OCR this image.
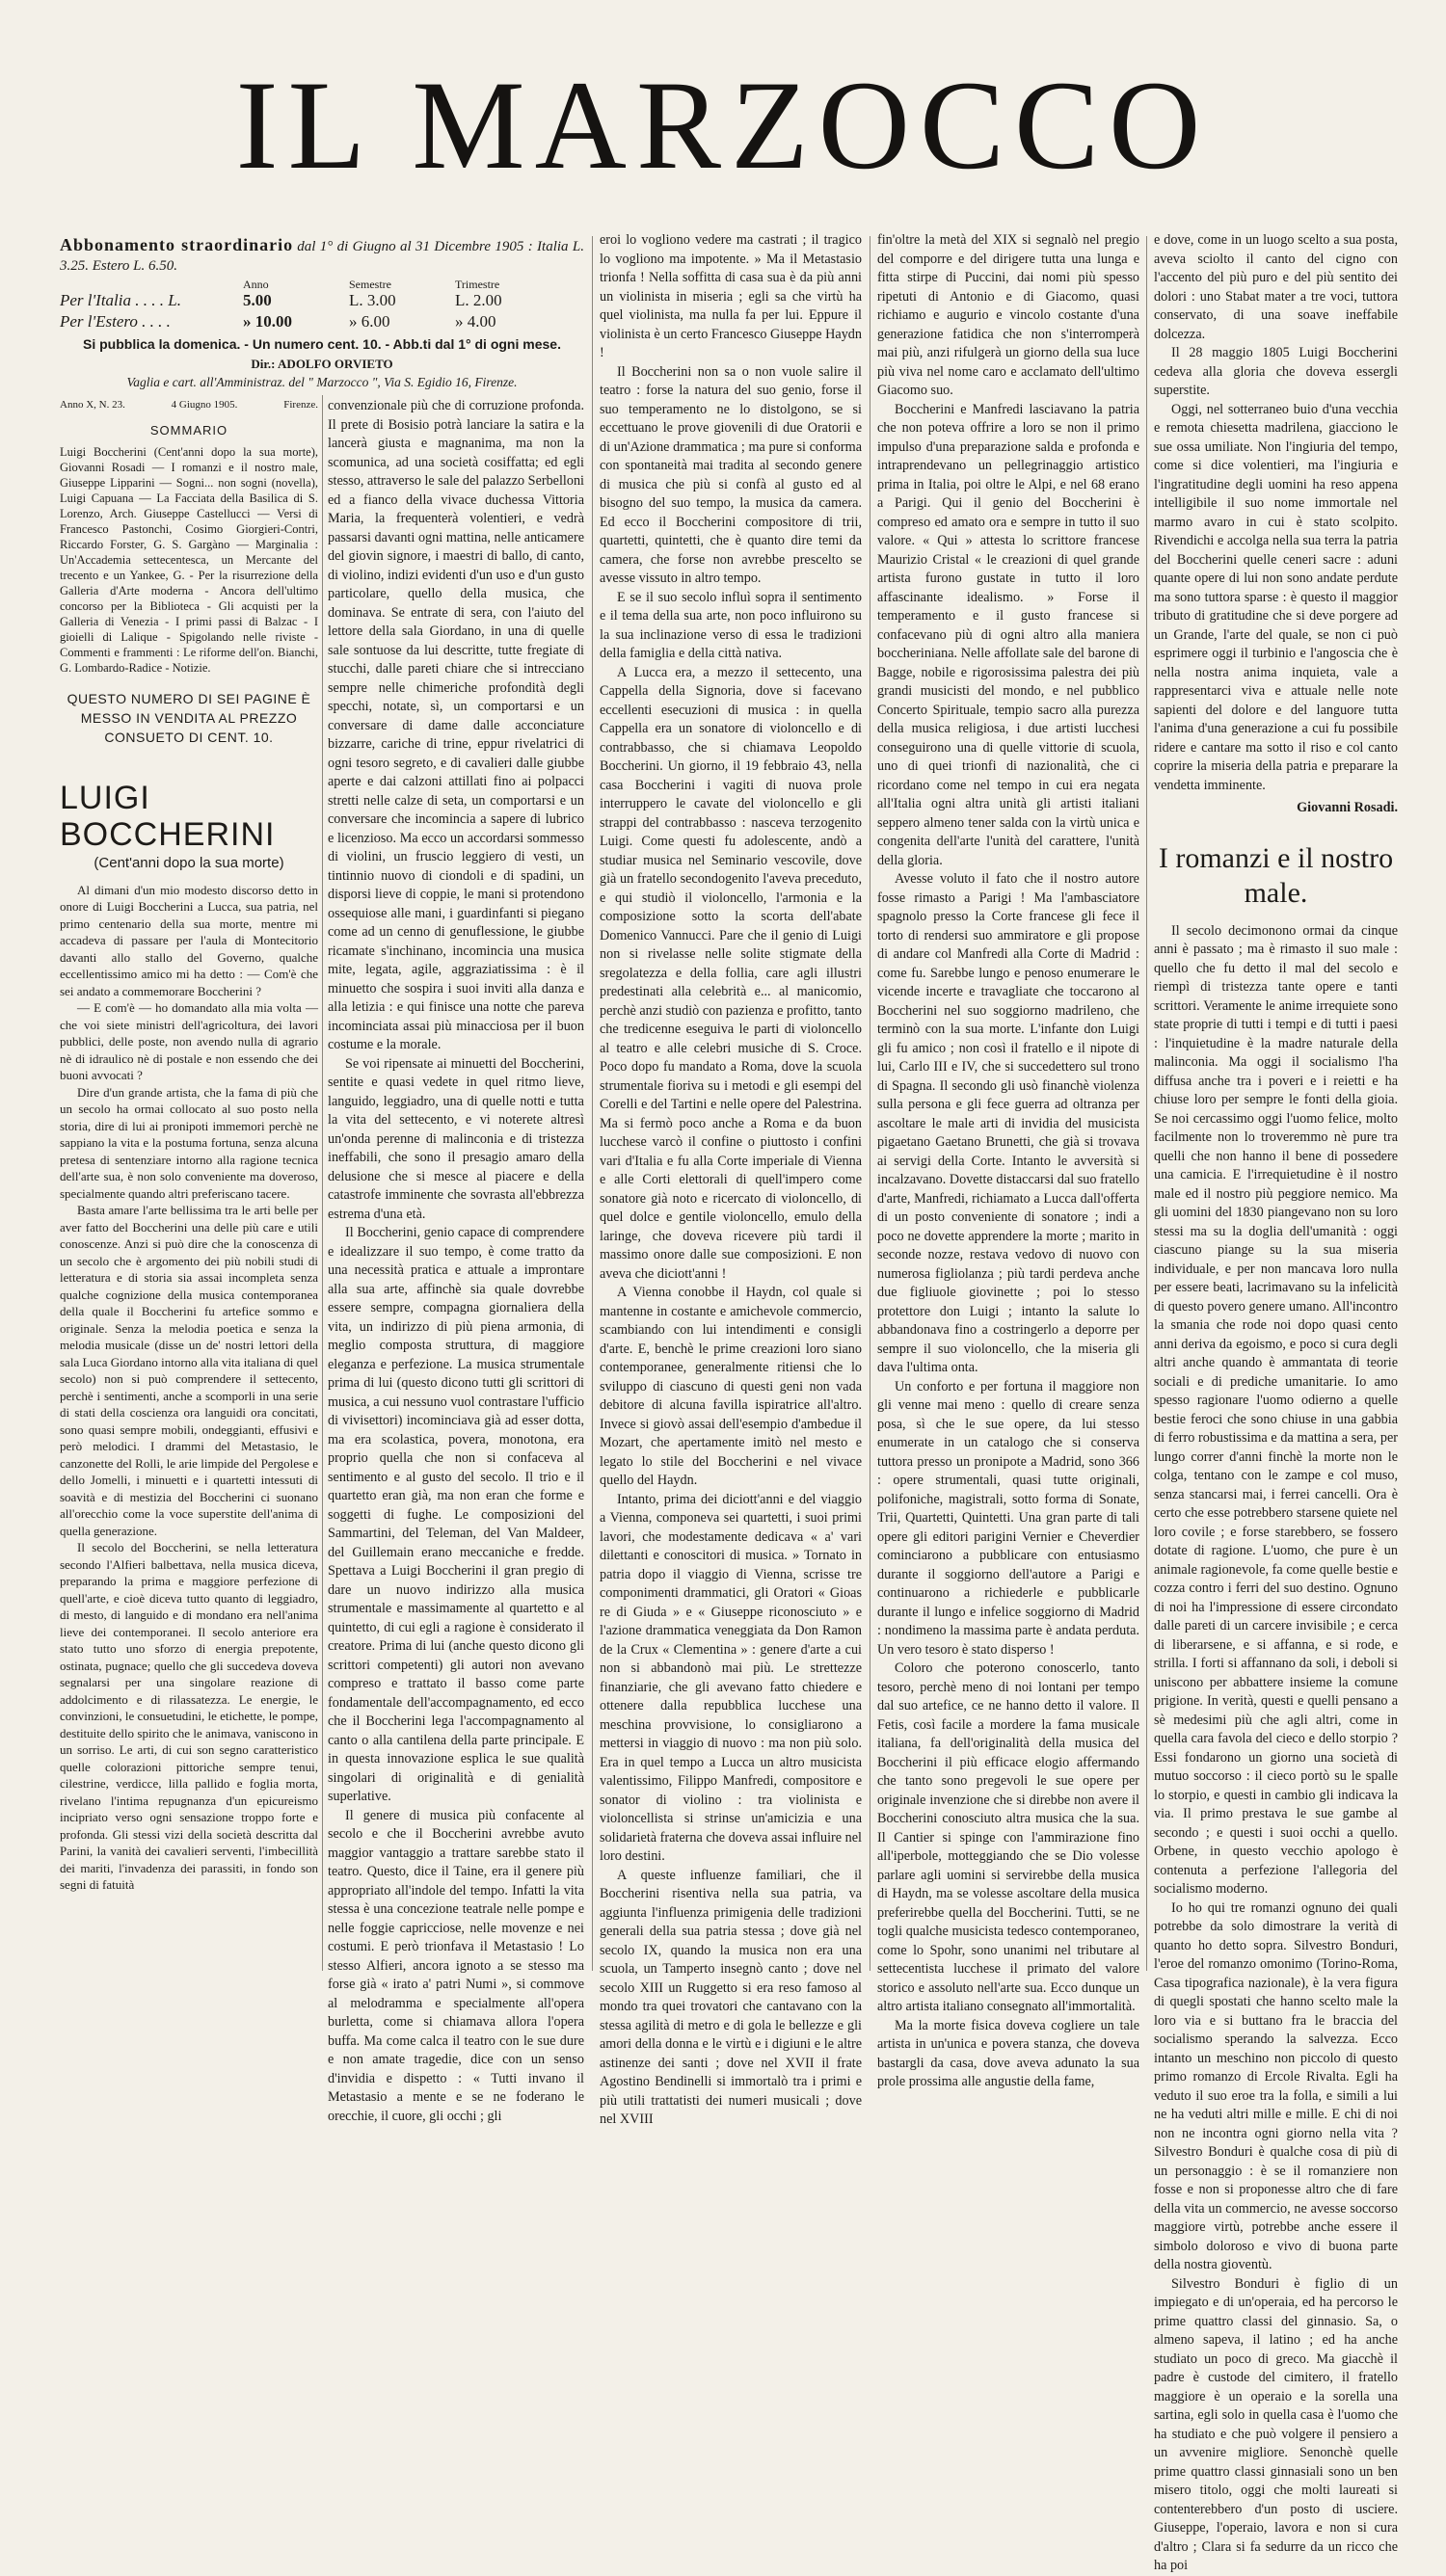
IL MARZOCCO
Abbonamento straordinario dal 1° di Giugno al 31 Dicembre 1905 : Italia L. 3.25. Estero L. 6.50.
Anno	Semestre	Trimestre
Per l'Italia . . . . L.	5.00	L. 3.00	L. 2.00
Per l'Estero . . . .	» 10.00	» 6.00	» 4.00
Si pubblica la domenica. - Un numero cent. 10. - Abb.ti dal 1° di ogni mese.
Dir.: ADOLFO ORVIETO
Vaglia e cart. all'Amministraz. del " Marzocco ", Via S. Egidio 16, Firenze.
Anno X, N. 23.	4 Giugno 1905.	Firenze.
SOMMARIO

Luigi Boccherini (Cent'anni dopo la sua morte), Giovanni Rosadi — I romanzi e il nostro male, Giuseppe Lipparini — Sogni... non sogni (novella), Luigi Capuana — La Facciata della Basilica di S. Lorenzo, Arch. Giuseppe Castellucci — Versi di Francesco Pastonchi, Cosimo Giorgieri-Contri, Riccardo Forster, G. S. Gargàno — Marginalia : Un'Accademia settecentesca, un Mercante del trecento e un Yankee, G. - Per la risurrezione della Galleria d'Arte moderna - Ancora dell'ultimo concorso per la Biblioteca - Gli acquisti per la Galleria di Venezia - I primi passi di Balzac - I gioielli di Lalique - Spigolando nelle riviste - Commenti e frammenti : Le riforme dell'on. Bianchi, G. Lombardo-Radice - Notizie.

QUESTO NUMERO DI SEI PAGINE È MESSO IN VENDITA AL PREZZO CONSUETO DI CENT. 10.
LUIGI BOCCHERINI
(Cent'anni dopo la sua morte)

Al dimani d'un mio modesto discorso detto in onore di Luigi Boccherini a Lucca, sua patria, nel primo centenario della sua morte, mentre mi accadeva di passare per l'aula di Montecitorio davanti allo stallo del Governo, qualche eccellentissimo amico mi ha detto : — Com'è che sei andato a commemorare Boccherini ?

— E com'è — ho domandato alla mia volta — che voi siete ministri dell'agricoltura, dei lavori pubblici, delle poste, non avendo nulla di agrario nè di idraulico nè di postale e non essendo che dei buoni avvocati ?

Dire d'un grande artista, che la fama di più che un secolo ha ormai collocato al suo posto nella storia, dire di lui ai pronipoti immemori perchè ne sappiano la vita e la postuma fortuna, senza alcuna pretesa di sentenziare intorno alla ragione tecnica dell'arte sua, è non solo conveniente ma doveroso, specialmente quando altri preferiscano tacere.

Basta amare l'arte bellissima tra le arti belle per aver fatto del Boccherini una delle più care e utili conoscenze. Anzi si può dire che la conoscenza di un secolo che è argomento dei più nobili studi di letteratura e di storia sia assai incompleta senza qualche cognizione della musica contemporanea della quale il Boccherini fu artefice sommo e originale. Senza la melodia poetica e senza la melodia musicale (disse un de' nostri lettori della sala Luca Giordano intorno alla vita italiana di quel secolo) non si può comprendere il settecento, perchè i sentimenti, anche a scomporli in una serie di stati della coscienza ora languidi ora concitati, sono quasi sempre mobili, ondeggianti, effusivi e però melodici. I drammi del Metastasio, le canzonette del Rolli, le arie limpide del Pergolese e dello Jomelli, i minuetti e i quartetti intessuti di soavità e di mestizia del Boccherini ci suonano all'orecchio come la voce superstite dell'anima di quella generazione.

Il secolo del Boccherini, se nella letteratura secondo l'Alfieri balbettava, nella musica diceva, preparando la prima e maggiore perfezione di quell'arte, e cioè diceva tutto quanto di leggiadro, di mesto, di languido e di mondano era nell'anima lieve dei contemporanei. Il secolo anteriore era stato tutto uno sforzo di energia prepotente, ostinata, pugnace; quello che gli succedeva doveva segnalarsi per una singolare reazione di addolcimento e di rilassatezza. Le energie, le convinzioni, le consuetudini, le etichette, le pompe, destituite dello spirito che le animava, vaniscono in un sorriso. Le arti, di cui son segno caratteristico quelle colorazioni pittoriche sempre tenui, cilestrine, verdicce, lilla pallido e foglia morta, rivelano l'intima repugnanza d'un epicureismo incipriato verso ogni sensazione troppo forte e profonda. Gli stessi vizi della società descritta dal Parini, la vanità dei cavalieri serventi, l'imbecillità dei mariti, l'invadenza dei parassiti, in fondo son segni di fatuità

convenzionale più che di corruzione profonda. Il prete di Bosisio potrà lanciare la satira e la lancerà giusta e magnanima, ma non la scomunica, ad una società cosiffatta; ed egli stesso, attraverso le sale del palazzo Serbelloni ed a fianco della vivace duchessa Vittoria Maria, la frequenterà volentieri, e vedrà passarsi davanti ogni mattina, nelle anticamere del giovin signore, i maestri di ballo, di canto, di violino, indizi evidenti d'un uso e d'un gusto particolare, quello della musica, che dominava. Se entrate di sera, con l'aiuto del lettore della sala Giordano, in una di quelle sale sontuose da lui descritte, tutte fregiate di stucchi, dalle pareti chiare che si intrecciano sempre nelle chimeriche profondità degli specchi, notate, sì, un comportarsi e un conversare di dame dalle acconciature bizzarre, cariche di trine, eppur rivelatrici di ogni tesoro segreto, e di cavalieri dalle giubbe aperte e dai calzoni attillati fino ai polpacci stretti nelle calze di seta, un comportarsi e un conversare che incomincia a sapere di lubrico e licenzioso. Ma ecco un accordarsi sommesso di violini, un fruscio leggiero di vesti, un tintinnio nuovo di ciondoli e di spadini, un disporsi lieve di coppie, le mani si protendono ossequiose alle mani, i guardinfanti si piegano come ad un cenno di genuflessione, le giubbe ricamate s'inchinano, incomincia una musica mite, legata, agile, aggraziatissima : è il minuetto che sospira i suoi inviti alla danza e alla letizia : e qui finisce una notte che pareva incominciata assai più minacciosa per il buon costume e la morale.

Se voi ripensate ai minuetti del Boccherini, sentite e quasi vedete in quel ritmo lieve, languido, leggiadro, una di quelle notti e tutta la vita del settecento, e vi noterete altresì un'onda perenne di malinconia e di tristezza ineffabili, che sono il presagio amaro della delusione che si mesce al piacere e della catastrofe imminente che sovrasta all'ebbrezza estrema d'una età.

Il Boccherini, genio capace di comprendere e idealizzare il suo tempo, è come tratto da una necessità pratica e attuale a improntare alla sua arte, affinchè sia quale dovrebbe essere sempre, compagna giornaliera della vita, un indirizzo di più piena armonia, di meglio composta struttura, di maggiore eleganza e perfezione. La musica strumentale prima di lui (questo dicono tutti gli scrittori di musica, a cui nessuno vuol contrastare l'ufficio di vivisettori) incominciava già ad esser dotta, ma era scolastica, povera, monotona, era proprio quella che non si confaceva al sentimento e al gusto del secolo. Il trio e il quartetto eran già, ma non eran che forme e soggetti di fughe. Le composizioni del Sammartini, del Teleman, del Van Maldeer, del Guillemain erano meccaniche e fredde. Spettava a Luigi Boccherini il gran pregio di dare un nuovo indirizzo alla musica strumentale e massimamente al quartetto e al quintetto, di cui egli a ragione è considerato il creatore. Prima di lui (anche questo dicono gli scrittori competenti) gli autori non avevano compreso e trattato il basso come parte fondamentale dell'accompagnamento, ed ecco che il Boccherini lega l'accompagnamento al canto o alla cantilena della parte principale. E in questa innovazione esplica le sue qualità singolari di originalità e di genialità superlative.

Il genere di musica più confacente al secolo e che il Boccherini avrebbe avuto maggior vantaggio a trattare sarebbe stato il teatro. Questo, dice il Taine, era il genere più appropriato all'indole del tempo. Infatti la vita stessa è una concezione teatrale nelle pompe e nelle foggie capricciose, nelle movenze e nei costumi. E però trionfava il Metastasio ! Lo stesso Alfieri, ancora ignoto a se stesso ma forse già « irato a' patri Numi », si commove al melodramma e specialmente all'opera burletta, come si chiamava allora l'opera buffa. Ma come calca il teatro con le sue dure e non amate tragedie, dice con un senso d'invidia e dispetto : « Tutti invano il Metastasio a mente e se ne foderano le orecchie, il cuore, gli occhi ; gli

eroi lo vogliono vedere ma castrati ; il tragico lo vogliono ma impotente. » Ma il Metastasio trionfa ! Nella soffitta di casa sua è da più anni un violinista in miseria ; egli sa che virtù ha quel violinista, ma nulla fa per lui. Eppure il violinista è un certo Francesco Giuseppe Haydn !

Il Boccherini non sa o non vuole salire il teatro : forse la natura del suo genio, forse il suo temperamento ne lo distolgono, se si eccettuano le prove giovenili di due Oratorii e di un'Azione drammatica ; ma pure si conforma con spontaneità mai tradita al secondo genere di musica che più si confà al gusto ed al bisogno del suo tempo, la musica da camera. Ed ecco il Boccherini compositore di trii, quartetti, quintetti, che è quanto dire temi da camera, che forse non avrebbe prescelto se avesse vissuto in altro tempo.

E se il suo secolo influì sopra il sentimento e il tema della sua arte, non poco influirono su la sua inclinazione verso di essa le tradizioni della famiglia e della città nativa.

A Lucca era, a mezzo il settecento, una Cappella della Signoria, dove si facevano eccellenti esecuzioni di musica : in quella Cappella era un sonatore di violoncello e di contrabbasso, che si chiamava Leopoldo Boccherini. Un giorno, il 19 febbraio 43, nella casa Boccherini i vagiti di nuova prole interruppero le cavate del violoncello e gli strappi del contrabbasso : nasceva terzogenito Luigi. Come questi fu adolescente, andò a studiar musica nel Seminario vescovile, dove già un fratello secondogenito l'aveva preceduto, e qui studiò il violoncello, l'armonia e la composizione sotto la scorta dell'abate Domenico Vannucci. Pare che il genio di Luigi non si rivelasse nelle solite stigmate della sregolatezza e della follia, care agli illustri predestinati alla celebrità e... al manicomio, perchè anzi studiò con pazienza e profitto, tanto che tredicenne eseguiva le parti di violoncello al teatro e alle celebri musiche di S. Croce. Poco dopo fu mandato a Roma, dove la scuola strumentale fioriva su i metodi e gli esempi del Corelli e del Tartini e nelle opere del Palestrina. Ma si fermò poco anche a Roma e da buon lucchese varcò il confine o piuttosto i confini vari d'Italia e fu alla Corte imperiale di Vienna e alle Corti elettorali di quell'impero come sonatore già noto e ricercato di violoncello, di quel dolce e gentile violoncello, emulo della laringe, che doveva ricevere più tardi il massimo onore dalle sue composizioni. E non aveva che diciott'anni !

A Vienna conobbe il Haydn, col quale si mantenne in costante e amichevole commercio, scambiando con lui intendimenti e consigli d'arte. E, benchè le prime creazioni loro siano contemporanee, generalmente ritiensi che lo sviluppo di ciascuno di questi geni non vada debitore di alcuna favilla ispiratrice all'altro. Invece si giovò assai dell'esempio d'ambedue il Mozart, che apertamente imitò nel mesto e legato lo stile del Boccherini e nel vivace quello del Haydn.

Intanto, prima dei diciott'anni e del viaggio a Vienna, componeva sei quartetti, i suoi primi lavori, che modestamente dedicava « a' vari dilettanti e conoscitori di musica. » Tornato in patria dopo il viaggio di Vienna, scrisse tre componimenti drammatici, gli Oratori « Gioas re di Giuda » e « Giuseppe riconosciuto » e l'azione drammatica veneggiata da Don Ramon de la Crux « Clementina » : genere d'arte a cui non si abbandonò mai più. Le strettezze finanziarie, che gli avevano fatto chiedere e ottenere dalla repubblica lucchese una meschina provvisione, lo consigliarono a mettersi in viaggio di nuovo : ma non più solo. Era in quel tempo a Lucca un altro musicista valentissimo, Filippo Manfredi, compositore e sonator di violino : tra violinista e violoncellista si strinse un'amicizia e una solidarietà fraterna che doveva assai influire nel loro destini.

A queste influenze familiari, che il Boccherini risentiva nella sua patria, va aggiunta l'influenza primigenia delle tradizioni generali della sua patria stessa ; dove già nel secolo IX, quando la musica non era una scuola, un Tamperto insegnò canto ; dove nel secolo XIII un Ruggetto si era reso famoso al mondo tra quei trovatori che cantavano con la stessa agilità di metro e di gola le bellezze e gli amori della donna e le virtù e i digiuni e le altre astinenze dei santi ; dove nel XVII il frate Agostino Bendinelli si immortalò tra i primi e più utili trattatisti dei numeri musicali ; dove nel XVIII

fin'oltre la metà del XIX si segnalò nel pregio del comporre e del dirigere tutta una lunga e fitta stirpe di Puccini, dai nomi più spesso ripetuti di Antonio e di Giacomo, quasi richiamo e augurio e vincolo costante d'una generazione fatidica che non s'interromperà mai più, anzi rifulgerà un giorno della sua luce più viva nel nome caro e acclamato dell'ultimo Giacomo suo.

Boccherini e Manfredi lasciavano la patria che non poteva offrire a loro se non il primo impulso d'una preparazione salda e profonda e intraprendevano un pellegrinaggio artistico prima in Italia, poi oltre le Alpi, e nel 68 erano a Parigi. Qui il genio del Boccherini è compreso ed amato ora e sempre in tutto il suo valore. « Qui » attesta lo scrittore francese Maurizio Cristal « le creazioni di quel grande artista furono gustate in tutto il loro affascinante idealismo. » Forse il temperamento e il gusto francese si confacevano più di ogni altro alla maniera boccheriniana. Nelle affollate sale del barone di Bagge, nobile e rigorosissima palestra dei più grandi musicisti del mondo, e nel pubblico Concerto Spirituale, tempio sacro alla purezza della musica religiosa, i due artisti lucchesi conseguirono una di quelle vittorie di scuola, uno di quei trionfi di nazionalità, che ci ricordano come nel tempo in cui era negata all'Italia ogni altra unità gli artisti italiani seppero almeno tener salda con la virtù unica e congenita dell'arte l'unità del carattere, l'unità della gloria.

Avesse voluto il fato che il nostro autore fosse rimasto a Parigi ! Ma l'ambasciatore spagnolo presso la Corte francese gli fece il torto di rendersi suo ammiratore e gli propose di andare col Manfredi alla Corte di Madrid : come fu. Sarebbe lungo e penoso enumerare le vicende incerte e travagliate che toccarono al Boccherini nel suo soggiorno madrileno, che terminò con la sua morte. L'infante don Luigi gli fu amico ; non così il fratello e il nipote di lui, Carlo III e IV, che si succedettero sul trono di Spagna. Il secondo gli usò financhè violenza sulla persona e gli fece guerra ad oltranza per ascoltare le male arti di invidia del musicista pigaetano Gaetano Brunetti, che già si trovava ai servigi della Corte. Intanto le avversità si incalzavano. Dovette distaccarsi dal suo fratello d'arte, Manfredi, richiamato a Lucca dall'offerta di un posto conveniente di sonatore ; indi a poco ne dovette apprendere la morte ; marito in seconde nozze, restava vedovo di nuovo con numerosa figliolanza ; più tardi perdeva anche due figliuole giovinette ; poi lo stesso protettore don Luigi ; intanto la salute lo abbandonava fino a costringerlo a deporre per sempre il suo violoncello, che la miseria gli dava l'ultima onta.

Un conforto e per fortuna il maggiore non gli venne mai meno : quello di creare senza posa, sì che le sue opere, da lui stesso enumerate in un catalogo che si conserva tuttora presso un pronipote a Madrid, sono 366 : opere strumentali, quasi tutte originali, polifoniche, magistrali, sotto forma di Sonate, Trii, Quartetti, Quintetti. Una gran parte di tali opere gli editori parigini Vernier e Cheverdier cominciarono a pubblicare con entusiasmo durante il soggiorno dell'autore a Parigi e continuarono a richiederle e pubblicarle durante il lungo e infelice soggiorno di Madrid : nondimeno la massima parte è andata perduta. Un vero tesoro è stato disperso !

Coloro che poterono conoscerlo, tanto tesoro, perchè meno di noi lontani per tempo dal suo artefice, ce ne hanno detto il valore. Il Fetis, così facile a mordere la fama musicale italiana, fa dell'originalità della musica del Boccherini il più efficace elogio affermando che tanto sono pregevoli le sue opere per originale invenzione che si direbbe non avere il Boccherini conosciuto altra musica che la sua. Il Cantier si spinge con l'ammirazione fino all'iperbole, motteggiando che se Dio volesse parlare agli uomini si servirebbe della musica di Haydn, ma se volesse ascoltare della musica preferirebbe quella del Boccherini. Tutti, se ne togli qualche musicista tedesco contemporaneo, come lo Spohr, sono unanimi nel tributare al settecentista lucchese il primato del valore storico e assoluto nell'arte sua. Ecco dunque un altro artista italiano consegnato all'immortalità.

Ma la morte fisica doveva cogliere un tale artista in un'unica e povera stanza, che doveva bastargli da casa, dove aveva adunato la sua prole prossima alle angustie della fame,

e dove, come in un luogo scelto a sua posta, aveva sciolto il canto del cigno con l'accento del più puro e del più sentito dei dolori : uno Stabat mater a tre voci, tuttora conservato, di una soave ineffabile dolcezza.

Il 28 maggio 1805 Luigi Boccherini cedeva alla gloria che doveva essergli superstite.

Oggi, nel sotterraneo buio d'una vecchia e remota chiesetta madrilena, giacciono le sue ossa umiliate. Non l'ingiuria del tempo, come si dice volentieri, ma l'ingiuria e l'ingratitudine degli uomini ha reso appena intelligibile il suo nome immortale nel marmo avaro in cui è stato scolpito. Rivendichi e accolga nella sua terra la patria del Boccherini quelle ceneri sacre : aduni quante opere di lui non sono andate perdute ma sono tuttora sparse : è questo il maggior tributo di gratitudine che si deve porgere ad un Grande, l'arte del quale, se non ci può esprimere oggi il turbinio e l'angoscia che è nella nostra anima inquieta, vale a rappresentarci viva e attuale nelle note sapienti del dolore e del languore tutta l'anima d'una generazione a cui fu possibile ridere e cantare ma sotto il riso e col canto coprire la miseria della patria e preparare la vendetta imminente.

Giovanni Rosadi.
I romanzi e il nostro male.

Il secolo decimonono ormai da cinque anni è passato ; ma è rimasto il suo male : quello che fu detto il mal del secolo e riempì di tristezza tante opere e tanti scrittori. Veramente le anime irrequiete sono state proprie di tutti i tempi e di tutti i paesi : l'inquietudine è la madre naturale della malinconia. Ma oggi il socialismo l'ha diffusa anche tra i poveri e i reietti e ha chiuse loro per sempre le fonti della gioia. Se noi cercassimo oggi l'uomo felice, molto facilmente non lo troveremmo nè pure tra quelli che non hanno il bene di possedere una camicia. E l'irrequietudine è il nostro male ed il nostro più peggiore nemico. Ma gli uomini del 1830 piangevano non su loro stessi ma su la doglia dell'umanità : oggi ciascuno piange su la sua miseria individuale, e per non mancava loro nulla per essere beati, lacrimavano su la infelicità di questo povero genere umano. All'incontro la smania che rode noi dopo quasi cento anni deriva da egoismo, e poco si cura degli altri anche quando è ammantata di teorie sociali e di prediche umanitarie. Io amo spesso ragionare l'uomo odierno a quelle bestie feroci che sono chiuse in una gabbia di ferro robustissima e da mattina a sera, per lungo correr d'anni finchè la morte non le colga, tentano con le zampe e col muso, senza stancarsi mai, i ferrei cancelli. Ora è certo che esse potrebbero starsene quiete nel loro covile ; e forse starebbero, se fossero dotate di ragione. L'uomo, che pure è un animale ragionevole, fa come quelle bestie e cozza contro i ferri del suo destino. Ognuno di noi ha l'impressione di essere circondato dalle pareti di un carcere invisibile ; e cerca di liberarsene, e si affanna, e si rode, e strilla. I forti si affannano da soli, i deboli si uniscono per abbattere insieme la comune prigione. In verità, questi e quelli pensano a sè medesimi più che agli altri, come in quella cara favola del cieco e dello storpio ? Essi fondarono un giorno una società di mutuo soccorso : il cieco portò su le spalle lo storpio, e questi in cambio gli indicava la via. Il primo prestava le sue gambe al secondo ; e questi i suoi occhi a quello. Orbene, in questo vecchio apologo è contenuta a perfezione l'allegoria del socialismo moderno.

Io ho qui tre romanzi ognuno dei quali potrebbe da solo dimostrare la verità di quanto ho detto sopra. Silvestro Bonduri, l'eroe del romanzo omonimo (Torino-Roma, Casa tipografica nazionale), è la vera figura di quegli spostati che hanno scelto male la loro via e si buttano fra le braccia del socialismo sperando la salvezza. Ecco intanto un meschino non piccolo di questo primo romanzo di Ercole Rivalta. Egli ha veduto il suo eroe tra la folla, e simili a lui ne ha veduti altri mille e mille. E chi di noi non ne incontra ogni giorno nella vita ? Silvestro Bonduri è qualche cosa di più di un personaggio : è se il romanziere non fosse e non si proponesse altro che di fare della vita un commercio, ne avesse soccorso maggiore virtù, potrebbe anche essere il simbolo doloroso e vivo di buona parte della nostra gioventù.

Silvestro Bonduri è figlio di un impiegato e di un'operaia, ed ha percorso le prime quattro classi del ginnasio. Sa, o almeno sapeva, il latino ; ed ha anche studiato un poco di greco. Ma giacchè il padre è custode del cimitero, il fratello maggiore è un operaio e la sorella una sartina, egli solo in quella casa è l'uomo che ha studiato e che può volgere il pensiero a un avvenire migliore. Senonchè quelle prime quattro classi ginnasiali sono un ben misero titolo, oggi che molti laureati si contenterebbero d'un posto di usciere. Giuseppe, l'operaio, lavora e non si cura d'altro ; Clara si fa sedurre da un ricco che ha poi
